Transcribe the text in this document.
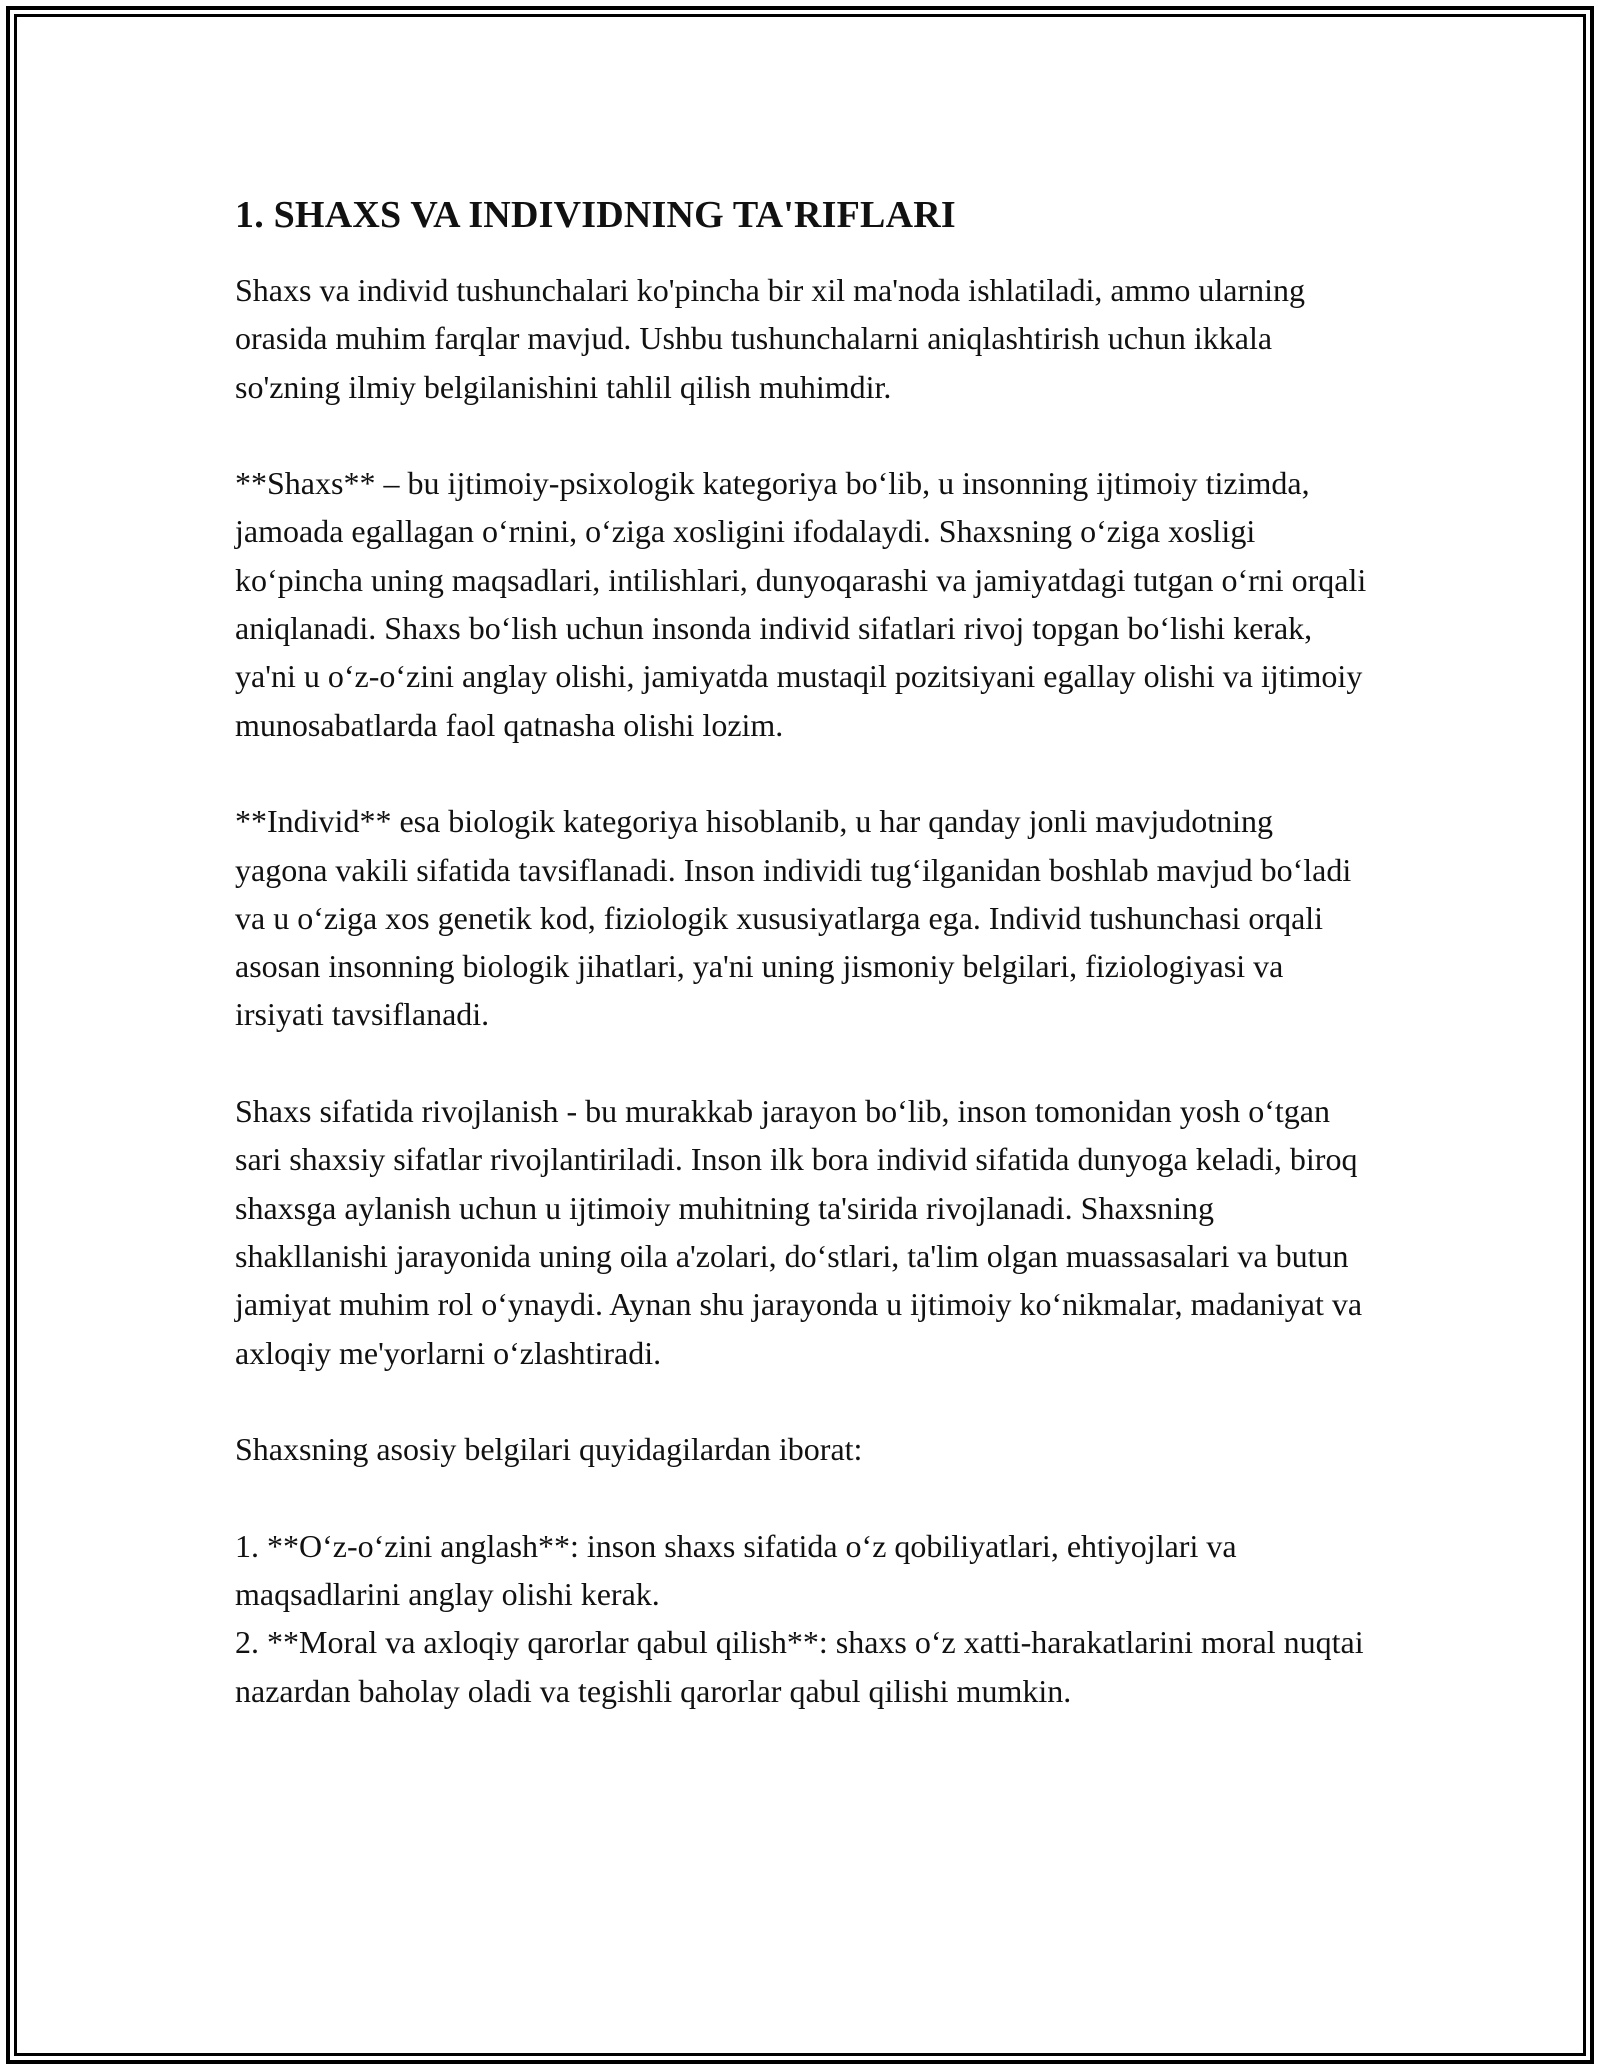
1. SHAXS VA INDIVIDNING TA'RIFLARI

Shaxs va individ tushunchalari ko'pincha bir xil ma'noda ishlatiladi, ammo ularning orasida muhim farqlar mavjud. Ushbu tushunchalarni aniqlashtirish uchun ikkala so'zning ilmiy belgilanishini tahlil qilish muhimdir.

**Shaxs** – bu ijtimoiy-psixologik kategoriya bo‘lib, u insonning ijtimoiy tizimda, jamoada egallagan o‘rnini, o‘ziga xosligini ifodalaydi. Shaxsning o‘ziga xosligi ko‘pincha uning maqsadlari, intilishlari, dunyoqarashi va jamiyatdagi tutgan o‘rni orqali aniqlanadi. Shaxs bo‘lish uchun insonda individ sifatlari rivoj topgan bo‘lishi kerak, ya'ni u o‘z-o‘zini anglay olishi, jamiyatda mustaqil pozitsiyani egallay olishi va ijtimoiy munosabatlarda faol qatnasha olishi lozim.

**Individ** esa biologik kategoriya hisoblanib, u har qanday jonli mavjudotning yagona vakili sifatida tavsiflanadi. Inson individi tug‘ilganidan boshlab mavjud bo‘ladi va u o‘ziga xos genetik kod, fiziologik xususiyatlarga ega. Individ tushunchasi orqali asosan insonning biologik jihatlari, ya'ni uning jismoniy belgilari, fiziologiyasi va irsiyati tavsiflanadi.

Shaxs sifatida rivojlanish - bu murakkab jarayon bo‘lib, inson tomonidan yosh o‘tgan sari shaxsiy sifatlar rivojlantiriladi. Inson ilk bora individ sifatida dunyoga keladi, biroq shaxsga aylanish uchun u ijtimoiy muhitning ta'sirida rivojlanadi. Shaxsning shakllanishi jarayonida uning oila a'zolari, do‘stlari, ta'lim olgan muassasalari va butun jamiyat muhim rol o‘ynaydi. Aynan shu jarayonda u ijtimoiy ko‘nikmalar, madaniyat va axloqiy me'yorlarni o‘zlashtiradi.

Shaxsning asosiy belgilari quyidagilardan iborat:

1. **O‘z-o‘zini anglash**: inson shaxs sifatida o‘z qobiliyatlari, ehtiyojlari va maqsadlarini anglay olishi kerak.

2. **Moral va axloqiy qarorlar qabul qilish**: shaxs o‘z xatti-harakatlarini moral nuqtai nazardan baholay oladi va tegishli qarorlar qabul qilishi mumkin.
